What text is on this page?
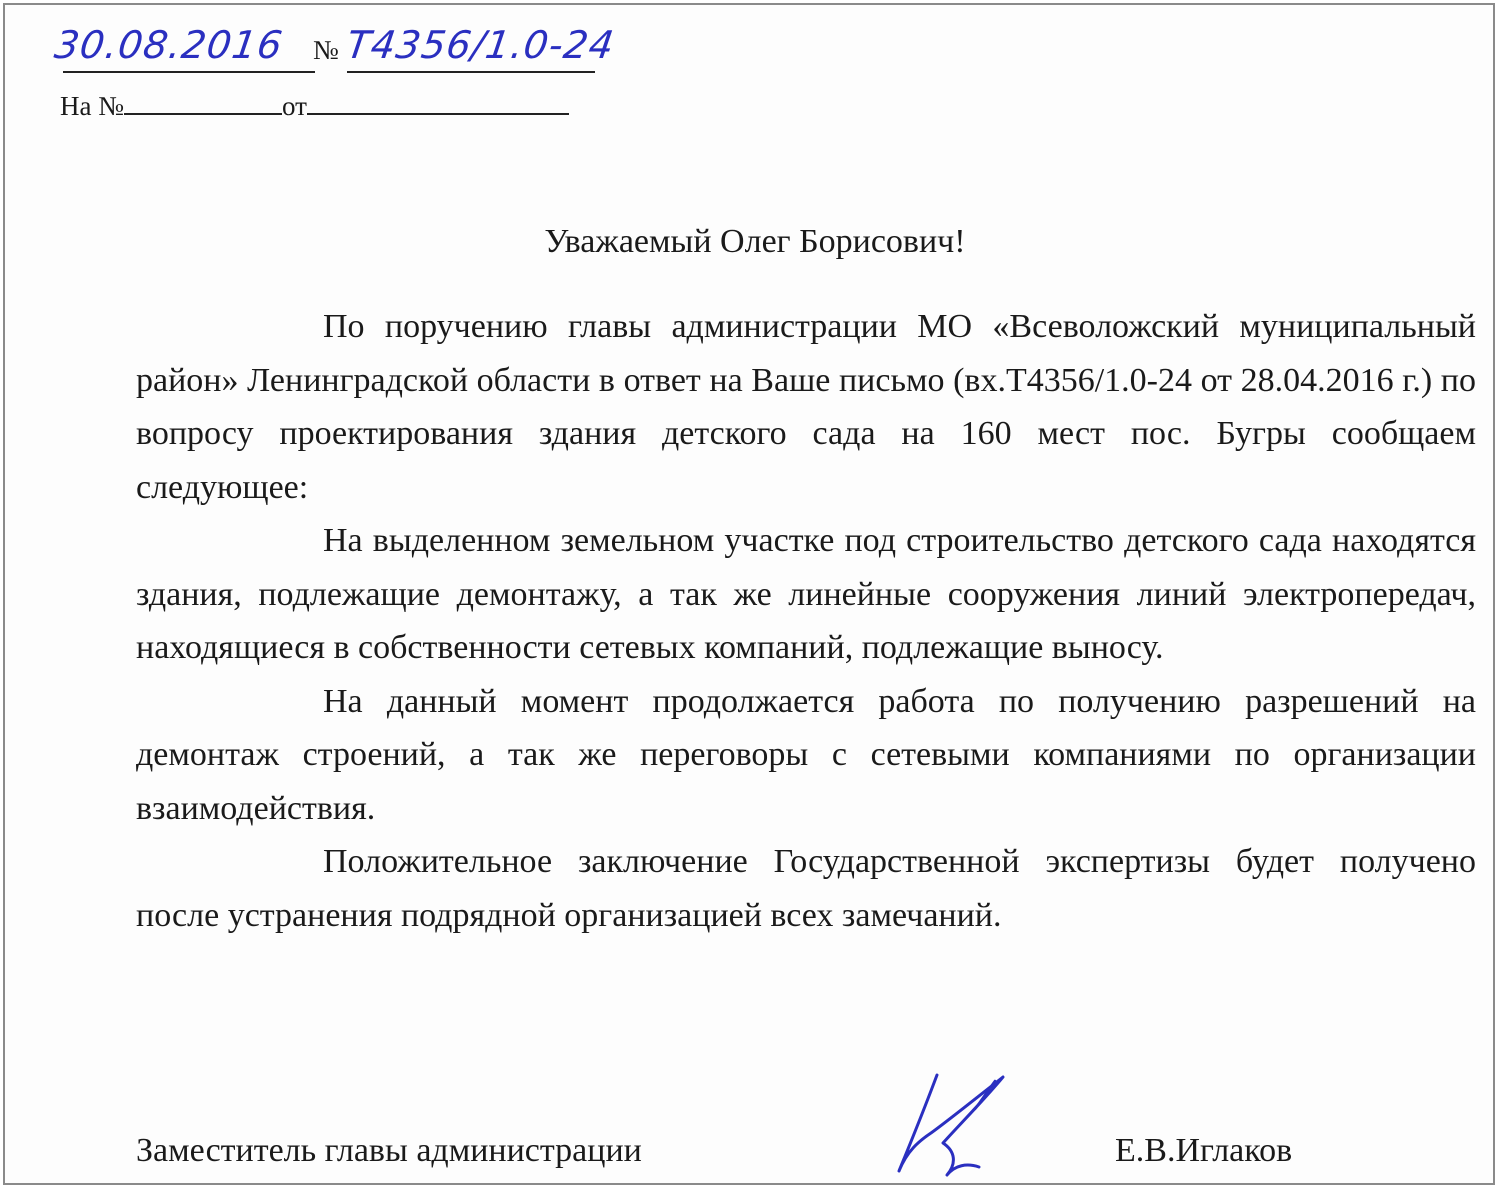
30.08.2016	№ T4356/1.0-24
На №	от
Уважаемый Олег Борисович!

По поручению главы администрации МО «Всеволожский муниципальный район» Ленинградской области в ответ на Ваше письмо (вх.Т4356/1.0-24 от 28.04.2016 г.) по вопросу проектирования здания детского сада на 160 мест пос. Бугры сообщаем следующее:

На выделенном земельном участке под строительство детского сада находятся здания, подлежащие демонтажу, а так же линейные сооружения линий электропередач, находящиеся в собственности сетевых компаний, подлежащие выносу.

На данный момент продолжается работа по получению разрешений на демонтаж строений, а так же переговоры с сетевыми компаниями по организации взаимодействия.

Положительное заключение Государственной экспертизы будет получено после устранения подрядной организацией всех замечаний.

Заместитель главы администрации	Е.В.Иглаков
